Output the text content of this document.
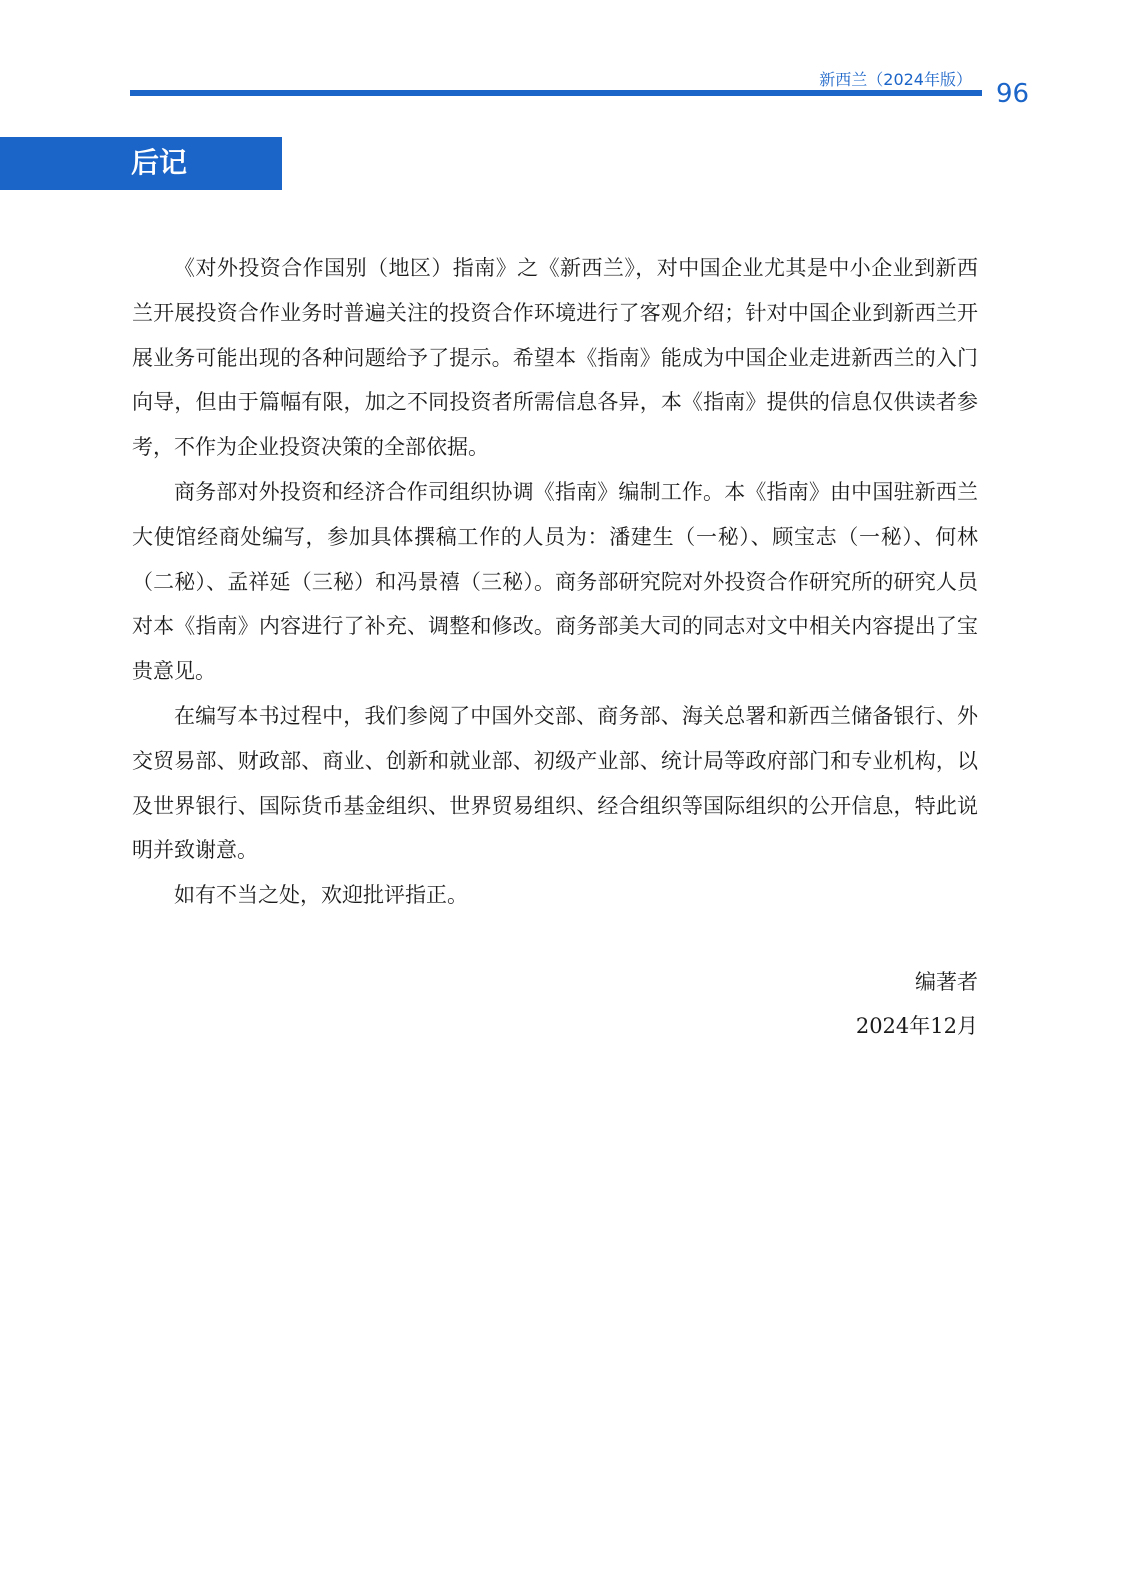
新西兰（2024年版） 96
后记

《对外投资合作国别（地区）指南》之《新西兰》，对中国企业尤其是中小企业到新西兰开展投资合作业务时普遍关注的投资合作环境进行了客观介绍；针对中国企业到新西兰开展业务可能出现的各种问题给予了提示。希望本《指南》能成为中国企业走进新西兰的入门向导，但由于篇幅有限，加之不同投资者所需信息各异，本《指南》提供的信息仅供读者参考，不作为企业投资决策的全部依据。

商务部对外投资和经济合作司组织协调《指南》编制工作。本《指南》由中国驻新西兰大使馆经商处编写，参加具体撰稿工作的人员为：潘建生（一秘）、顾宝志（一秘）、何林（二秘）、孟祥延（三秘）和冯景禧（三秘）。商务部研究院对外投资合作研究所的研究人员对本《指南》内容进行了补充、调整和修改。商务部美大司的同志对文中相关内容提出了宝贵意见。

在编写本书过程中，我们参阅了中国外交部、商务部、海关总署和新西兰储备银行、外交贸易部、财政部、商业、创新和就业部、初级产业部、统计局等政府部门和专业机构，以及世界银行、国际货币基金组织、世界贸易组织、经合组织等国际组织的公开信息，特此说明并致谢意。

如有不当之处，欢迎批评指正。

编著者
2024年12月
